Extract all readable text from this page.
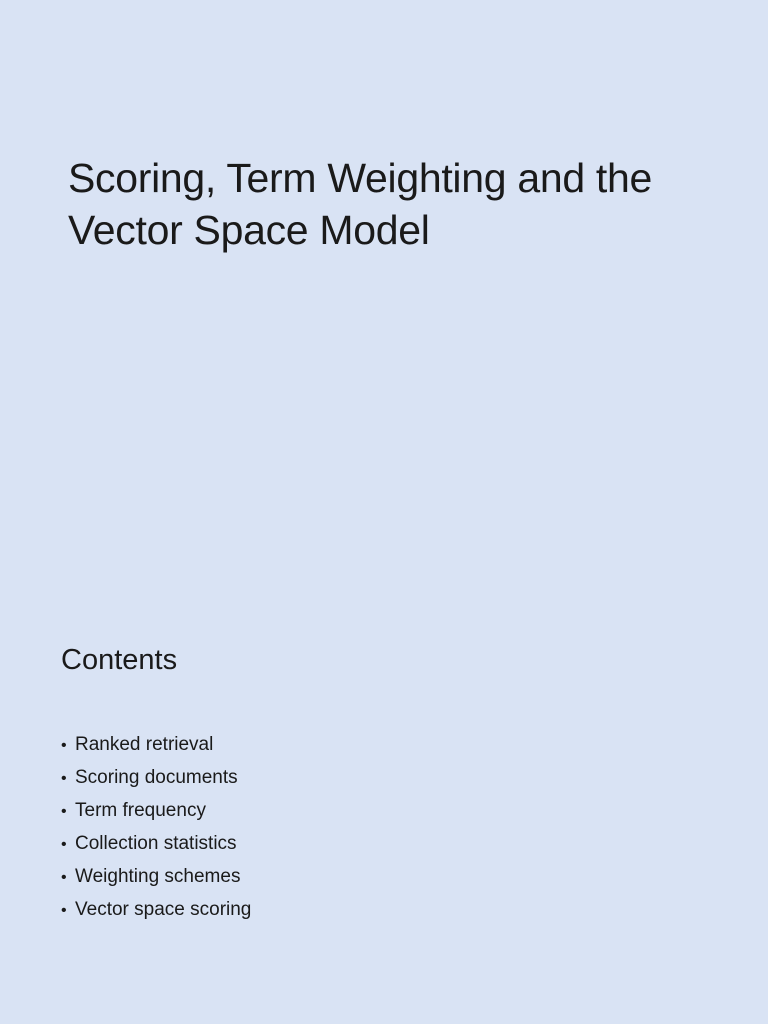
Scoring, Term Weighting and the Vector Space Model
Contents
• Ranked retrieval
• Scoring documents
• Term frequency
• Collection statistics
• Weighting schemes
• Vector space scoring
